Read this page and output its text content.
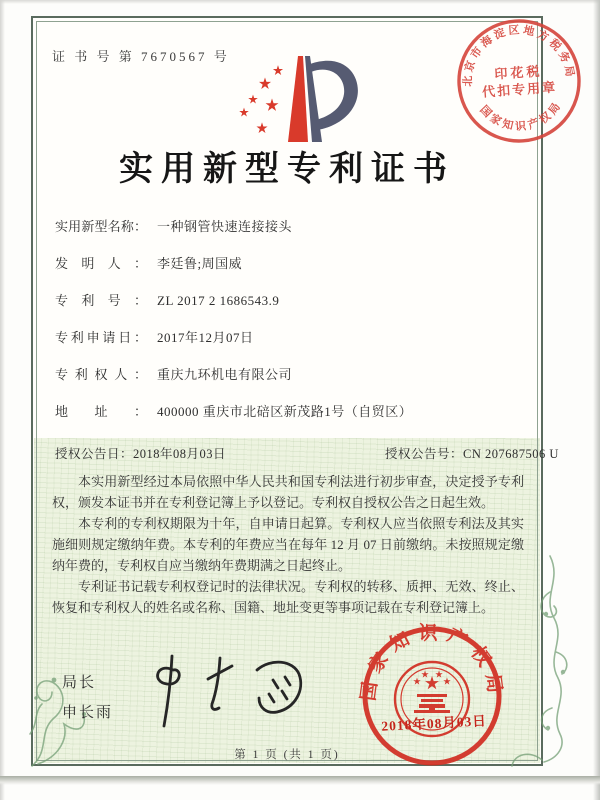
证 书 号 第 7670567 号
★
★
★ ★
★
★
实用新型专利证书
实用新型名称： 一种钢管快速连接接头
发明人： 李廷鲁;周国威
专利号： ZL 2017 2 1686543.9
专利申请日： 2017年12月07日
专利权人： 重庆九环机电有限公司
地址： 400000 重庆市北碚区新茂路1号（自贸区）
授权公告日：2018年08月03日	授权公告号：CN 207687506 U

本实用新型经过本局依照中华人民共和国专利法进行初步审查，决定授予专利权，颁发本证书并在专利登记簿上予以登记。专利权自授权公告之日起生效。

本专利的专利权期限为十年，自申请日起算。专利权人应当依照专利法及其实施细则规定缴纳年费。本专利的年费应当在每年 12 月 07 日前缴纳。未按照规定缴纳年费的，专利权自应当缴纳年费期满之日起终止。

专利证书记载专利权登记时的法律状况。专利权的转移、质押、无效、终止、恢复和专利权人的姓名或名称、国籍、地址变更等事项记载在专利登记簿上。

局长
申长雨
国家知识产权局
★
★
★ ★
★
2018年08月03日
北京市海淀区地方税务局
国家知识产权局
印花税
代扣专用章
第 1 页 (共 1 页)
